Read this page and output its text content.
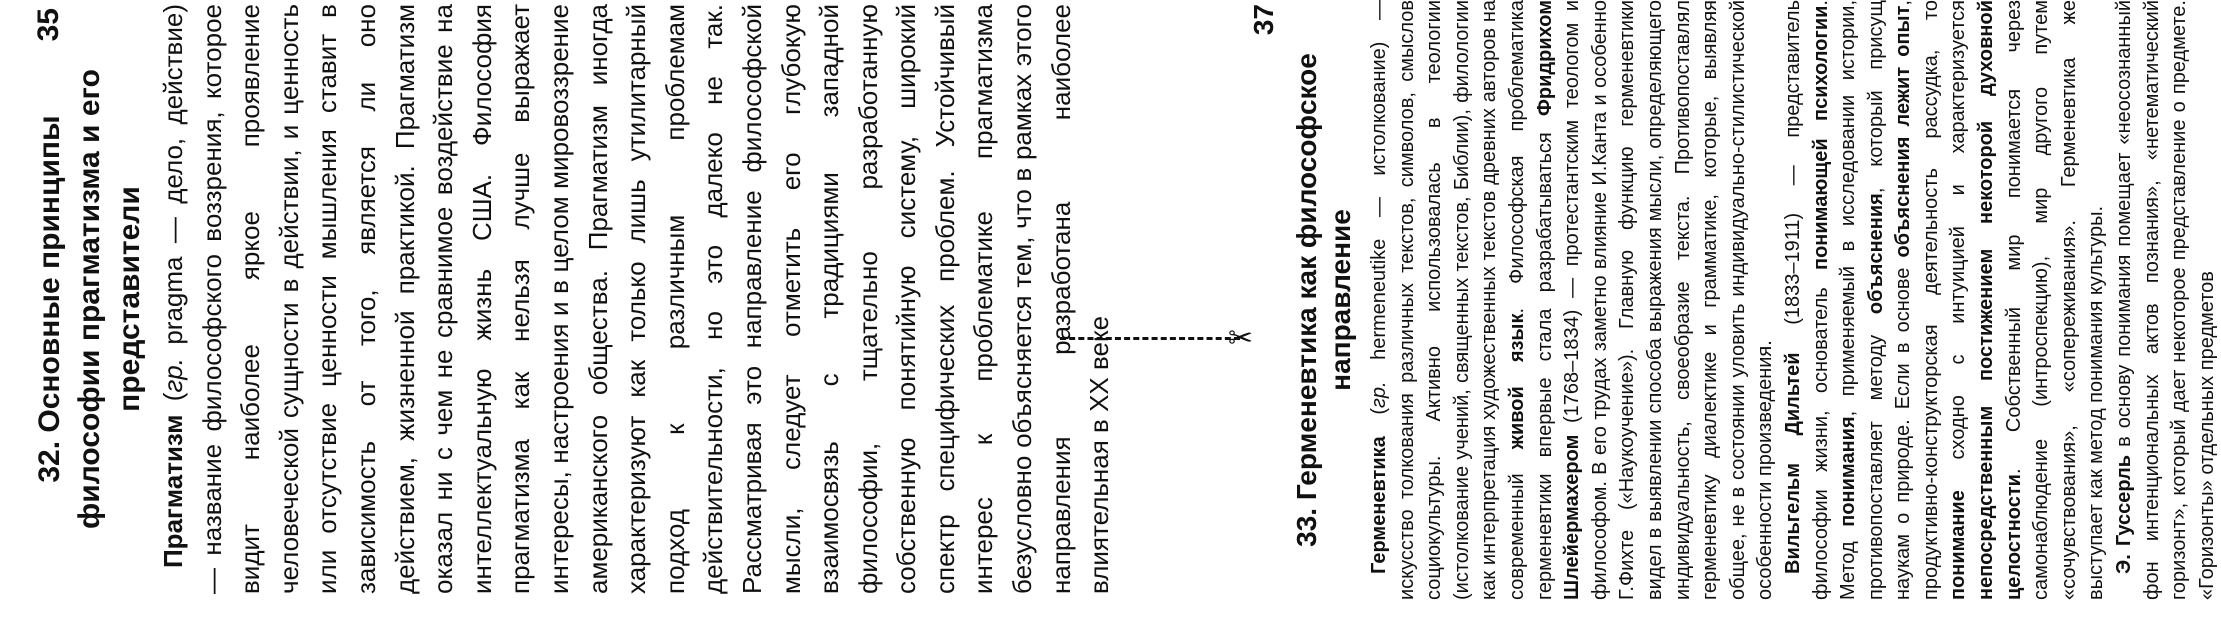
35
32. Основные принципы философии прагматизма и его представители

Прагматизм (гр. pragma — дело, действие) — название философского воззрения, которое видит наиболее яркое проявление человеческой сущности в действии, и ценность или отсутствие ценности мышления ставит в зависимость от того, является ли оно действием, жизненной практикой. Прагматизм оказал ни с чем не сравнимое воздействие на интеллектуальную жизнь США. Философия прагматизма как нельзя лучше выражает интересы, настроения и в целом мировоззрение американского общества. Прагматизм иногда характеризуют как только лишь утилитарный подход к различным проблемам действительности, но это далеко не так. Рассматривая это направление философской мысли, следует отметить его глубокую взаимосвязь с традициями западной философии, тщательно разработанную собственную понятийную систему, широкий спектр специфических проблем. Устойчивый интерес к проблематике прагматизма безусловно объясняется тем, что в рамках этого направления разработана наиболее влиятельная в XX веке	✂
37
33. Герменевтика как философское направление

Герменевтика (гр. hermeneutike — истолкование) — искусство толкования различных текстов, символов, смыслов социокультуры. Активно использовалась в теологии (истолкование учений, священных текстов, Библии), филологии как интерпретация художественных текстов древних авторов на современный живой язык. Философская проблематика герменевтики впервые стала разрабатываться Фридрихом Шлейермахером (1768–1834) — протестантским теологом и философом. В его трудах заметно влияние И.Канта и особенно Г.Фихте («Наукоучение»). Главную функцию герменевтики видел в выявлении способа выражения мысли, определяющего индивидуальность, своеобразие текста. Противопоставлял герменевтику диалектике и грамматике, которые, выявляя общее, не в состоянии уловить индивидуально-стилистической особенности произведения. Вильгельм Дильтей (1833–1911) — представитель философии жизни, основатель понимающей психологии. Метод понимания, применяемый в исследовании истории, противопоставляет методу объяснения, который присущ наукам о природе. Если в основе объяснения лежит опыт, продуктивно-конструкторская деятельность рассудка, то понимание сходно с интуицией и характеризуется непосредственным постижением некоторой духовной целостности. Собственный мир понимается через самонаблюдение (интроспекцию), мир другого путем «сочувствования», «сопереживания». Герменевтика же выступает как метод понимания культуры. Э. Гуссерль в основу понимания помещает «неосознанный фон интенциональных актов познания», «нетематический горизонт», который дает некоторое представление о предмете. «Горизонты» отдельных предметов
